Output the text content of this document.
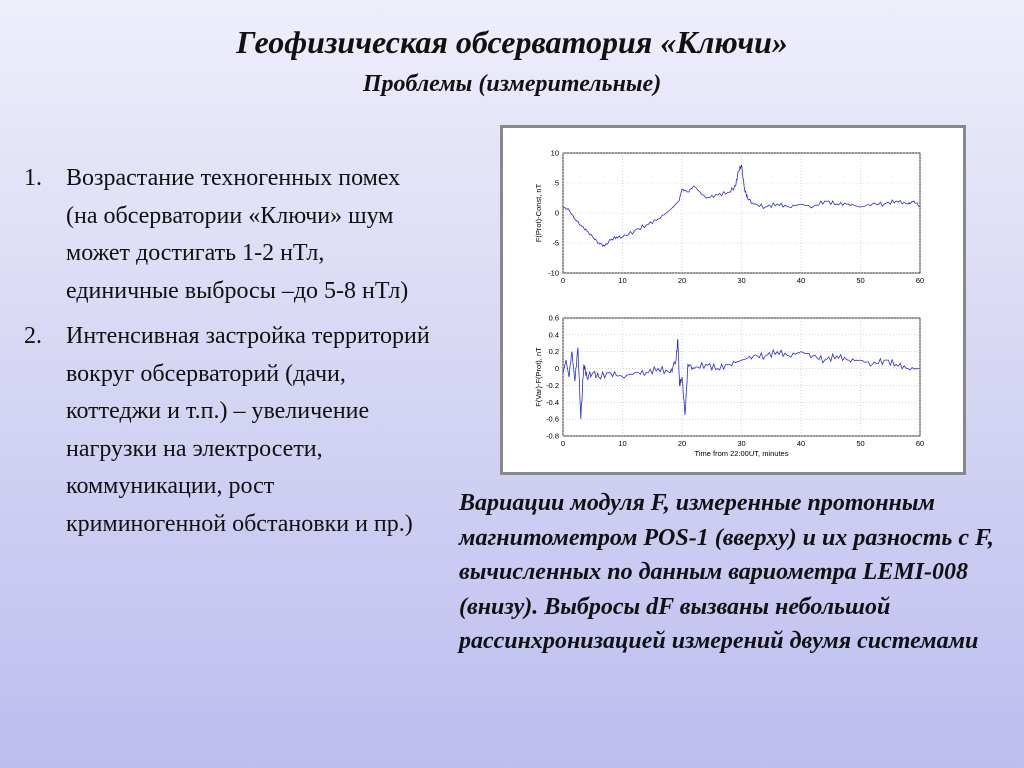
Геофизическая обсерватория «Ключи»
Проблемы (измерительные)
1.	Возрастание техногенных помех (на обсерватории «Ключи» шум может достигать 1-2 нТл, единичные выбросы –до 5-8 нТл)
2.	Интенсивная застройка территорий вокруг обсерваторий (дачи, коттеджи и т.п.) – увеличение нагрузки на электросети, коммуникации, рост криминогенной обстановки и пр.)
0	10	20	30	40	50	60
10
5
0
-5
-10
F(Prot)-Const, nT
0	10	20	30	40	50	60
0.6
0.4
0.2
0
-0.2
-0.4
-0.6
-0.8
F(Var)-F(Prot), nT
Time from 22:00UT, minutes

Вариации модуля F, измеренные протонным магнитометром POS-1 (вверху) и их разность с F, вычисленных по данным вариометра LEMI-008 (внизу). Выбросы dF вызваны небольшой рассинхронизацией измерений двумя системами
